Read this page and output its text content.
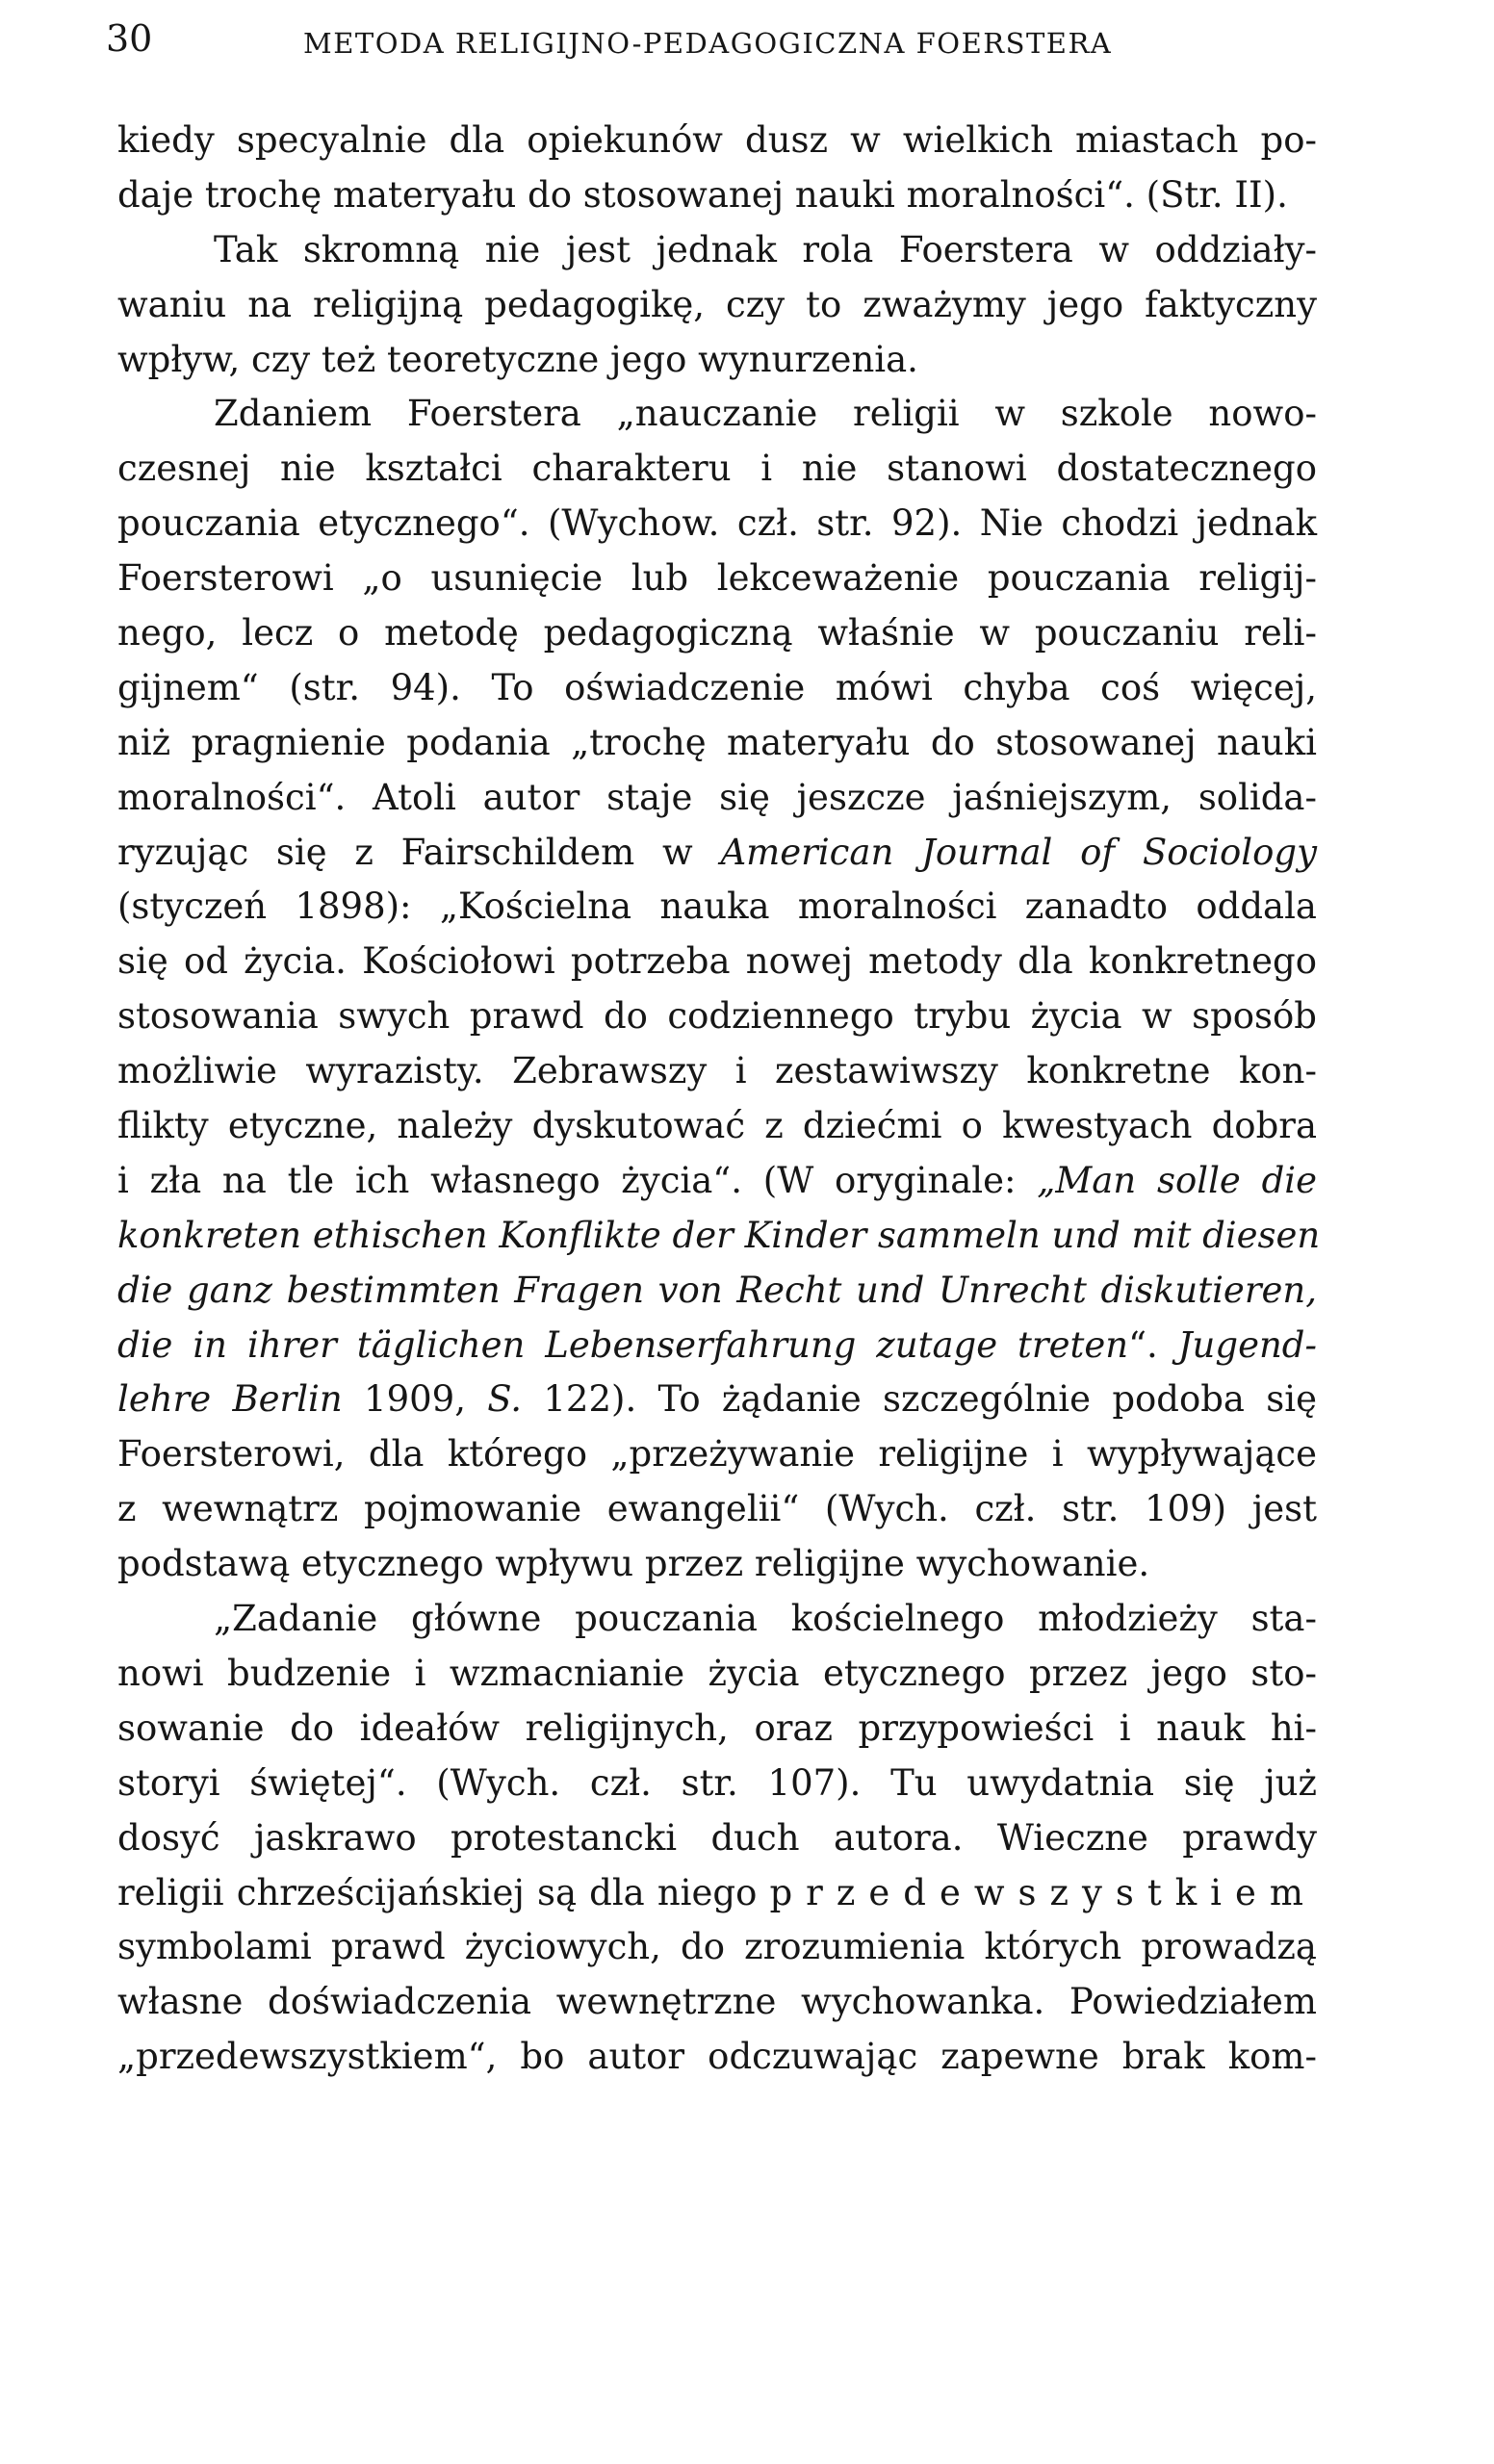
30	METODA RELIGIJNO-PEDAGOGICZNA FOERSTERA
kiedy specyalnie dla opiekunów dusz w wielkich miastach po-
daje trochę materyału do stosowanej nauki moralności“. (Str. II).
Tak skromną nie jest jednak rola Foerstera w oddziały-
waniu na religijną pedagogikę, czy to zważymy jego faktyczny
wpływ, czy też teoretyczne jego wynurzenia.
Zdaniem Foerstera „nauczanie religii w szkole nowo-
czesnej nie kształci charakteru i nie stanowi dostatecznego
pouczania etycznego“. (Wychow. czł. str. 92). Nie chodzi jednak
Foersterowi „o usunięcie lub lekceważenie pouczania religij-
nego, lecz o metodę pedagogiczną właśnie w pouczaniu reli-
gijnem“ (str. 94). To oświadczenie mówi chyba coś więcej,
niż pragnienie podania „trochę materyału do stosowanej nauki
moralności“. Atoli autor staje się jeszcze jaśniejszym, solida-
ryzując się z Fairschildem w American Journal of Sociology
(styczeń 1898): „Kościelna nauka moralności zanadto oddala
się od życia. Kościołowi potrzeba nowej metody dla konkretnego
stosowania swych prawd do codziennego trybu życia w sposób
możliwie wyrazisty. Zebrawszy i zestawiwszy konkretne kon-
flikty etyczne, należy dyskutować z dziećmi o kwestyach dobra
i zła na tle ich własnego życia“. (W oryginale: „Man solle die
konkreten ethischen Konflikte der Kinder sammeln und mit diesen
die ganz bestimmten Fragen von Recht und Unrecht diskutieren,
die in ihrer täglichen Lebenserfahrung zutage treten“. Jugend-
lehre Berlin 1909, S. 122). To żądanie szczególnie podoba się
Foersterowi, dla którego „przeżywanie religijne i wypływające
z wewnątrz pojmowanie ewangelii“ (Wych. czł. str. 109) jest
podstawą etycznego wpływu przez religijne wychowanie.
„Zadanie główne pouczania kościelnego młodzieży sta-
nowi budzenie i wzmacnianie życia etycznego przez jego sto-
sowanie do ideałów religijnych, oraz przypowieści i nauk hi-
storyi świętej“. (Wych. czł. str. 107). Tu uwydatnia się już
dosyć jaskrawo protestancki duch autora. Wieczne prawdy
religii chrześcijańskiej są dla niego przedewszystkiem
symbolami prawd życiowych, do zrozumienia których prowadzą
własne doświadczenia wewnętrzne wychowanka. Powiedziałem
„przedewszystkiem“, bo autor odczuwając zapewne brak kom-
